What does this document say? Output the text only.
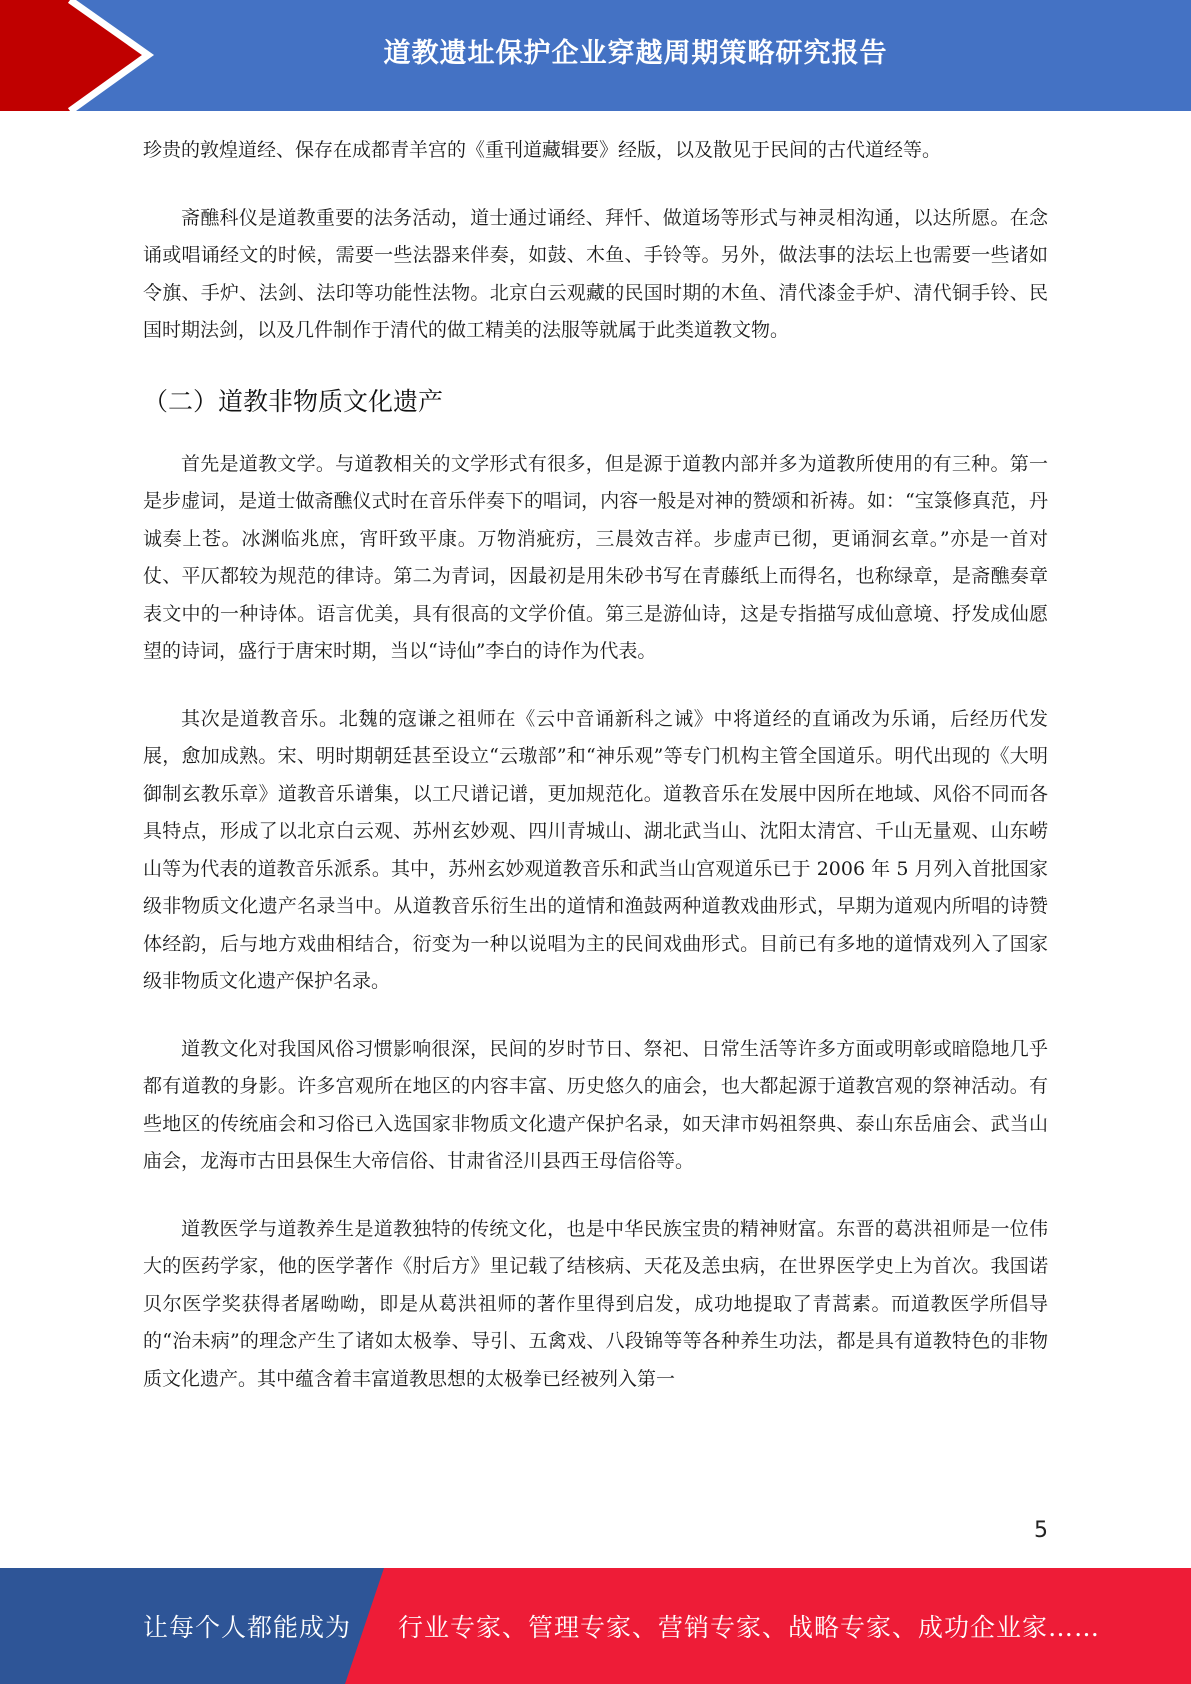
道教遗址保护企业穿越周期策略研究报告

珍贵的敦煌道经、保存在成都青羊宫的《重刊道藏辑要》经版，以及散见于民间的古代道经等。

斋醮科仪是道教重要的法务活动，道士通过诵经、拜忏、做道场等形式与神灵相沟通，以达所愿。在念诵或唱诵经文的时候，需要一些法器来伴奏，如鼓、木鱼、手铃等。另外，做法事的法坛上也需要一些诸如令旗、手炉、法剑、法印等功能性法物。北京白云观藏的民国时期的木鱼、清代漆金手炉、清代铜手铃、民国时期法剑，以及几件制作于清代的做工精美的法服等就属于此类道教文物。

（二）道教非物质文化遗产

首先是道教文学。与道教相关的文学形式有很多，但是源于道教内部并多为道教所使用的有三种。第一是步虚词，是道士做斋醮仪式时在音乐伴奏下的唱词，内容一般是对神的赞颂和祈祷。如：“宝箓修真范，丹诚奏上苍。冰渊临兆庶，宵旰致平康。万物消疵疠，三晨效吉祥。步虚声已彻，更诵洞玄章。”亦是一首对仗、平仄都较为规范的律诗。第二为青词，因最初是用朱砂书写在青藤纸上而得名，也称绿章，是斋醮奏章表文中的一种诗体。语言优美，具有很高的文学价值。第三是游仙诗，这是专指描写成仙意境、抒发成仙愿望的诗词，盛行于唐宋时期，当以“诗仙”李白的诗作为代表。

其次是道教音乐。北魏的寇谦之祖师在《云中音诵新科之诫》中将道经的直诵改为乐诵，后经历代发展，愈加成熟。宋、明时期朝廷甚至设立“云璈部”和“神乐观”等专门机构主管全国道乐。明代出现的《大明御制玄教乐章》道教音乐谱集，以工尺谱记谱，更加规范化。道教音乐在发展中因所在地域、风俗不同而各具特点，形成了以北京白云观、苏州玄妙观、四川青城山、湖北武当山、沈阳太清宫、千山无量观、山东崂山等为代表的道教音乐派系。其中，苏州玄妙观道教音乐和武当山宫观道乐已于 2006 年 5 月列入首批国家级非物质文化遗产名录当中。从道教音乐衍生出的道情和渔鼓两种道教戏曲形式，早期为道观内所唱的诗赞体经韵，后与地方戏曲相结合，衍变为一种以说唱为主的民间戏曲形式。目前已有多地的道情戏列入了国家级非物质文化遗产保护名录。

道教文化对我国风俗习惯影响很深，民间的岁时节日、祭祀、日常生活等许多方面或明彰或暗隐地几乎都有道教的身影。许多宫观所在地区的内容丰富、历史悠久的庙会，也大都起源于道教宫观的祭神活动。有些地区的传统庙会和习俗已入选国家非物质文化遗产保护名录，如天津市妈祖祭典、泰山东岳庙会、武当山庙会，龙海市古田县保生大帝信俗、甘肃省泾川县西王母信俗等。

道教医学与道教养生是道教独特的传统文化，也是中华民族宝贵的精神财富。东晋的葛洪祖师是一位伟大的医药学家，他的医学著作《肘后方》里记载了结核病、天花及恙虫病，在世界医学史上为首次。我国诺贝尔医学奖获得者屠呦呦，即是从葛洪祖师的著作里得到启发，成功地提取了青蒿素。而道教医学所倡导的“治未病”的理念产生了诸如太极拳、导引、五禽戏、八段锦等等各种养生功法，都是具有道教特色的非物质文化遗产。其中蕴含着丰富道教思想的太极拳已经被列入第一

5
让每个人都能成为 行业专家、管理专家、营销专家、战略专家、成功企业家……
